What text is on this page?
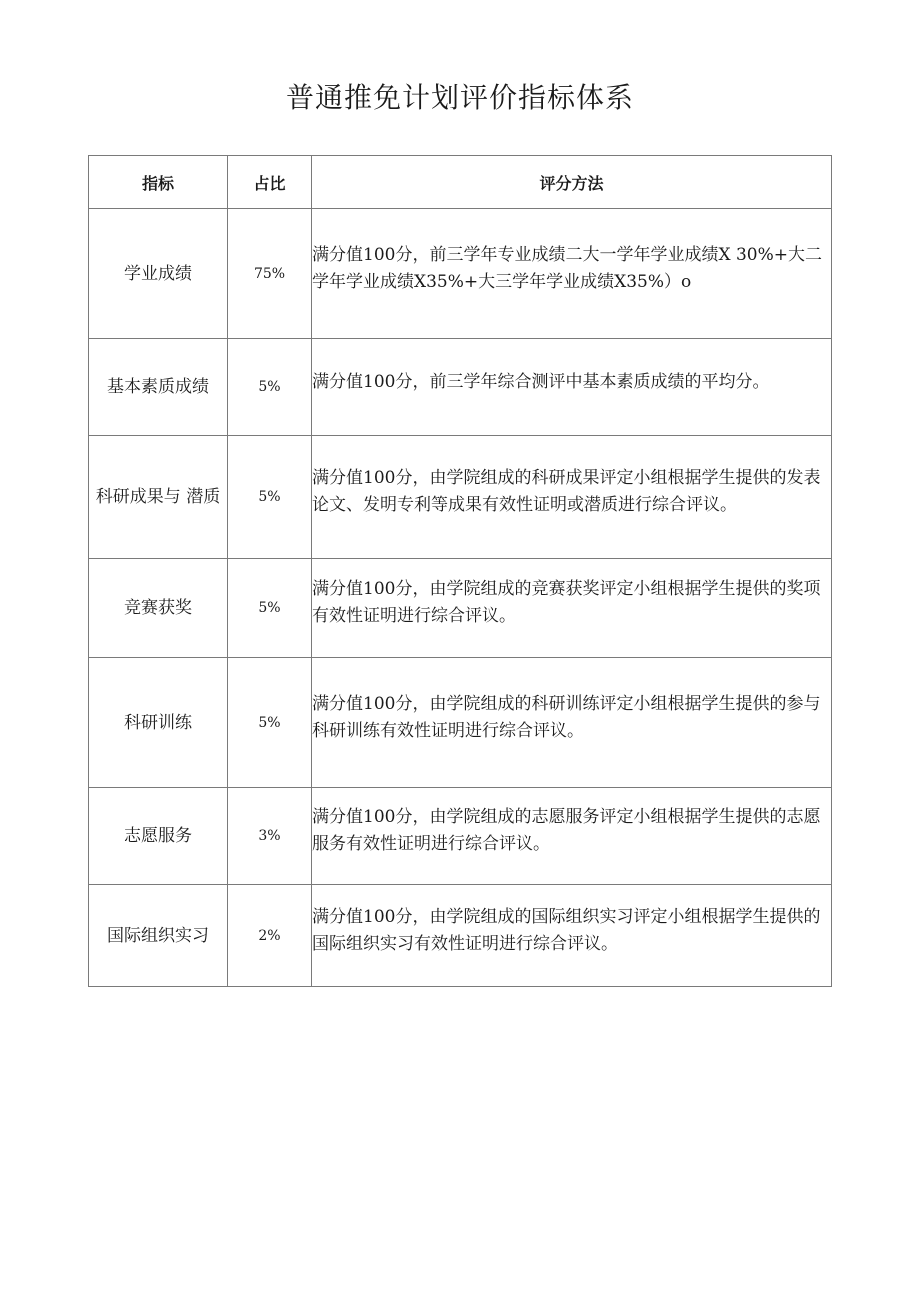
普通推免计划评价指标体系
指标	占比	评分方法
学业成绩	75%	满分值100分，前三学年专业成绩二大一学年学业成绩X 30%+大二学年学业成绩X35%+大三学年学业成绩X35%）o

基本素质成绩	5%	满分值100分，前三学年综合测评中基本素质成绩的平均分。

科研成果与 潜质	5%	满分值100分，由学院组成的科研成果评定小组根据学生提供的发表论文、发明专利等成果有效性证明或潜质进行综合评议。

竞赛获奖	5%	满分值100分，由学院组成的竞赛获奖评定小组根据学生提供的奖项有效性证明进行综合评议。

科研训练	5%	满分值100分，由学院组成的科研训练评定小组根据学生提供的参与科研训练有效性证明进行综合评议。

志愿服务	3%	满分值100分，由学院组成的志愿服务评定小组根据学生提供的志愿服务有效性证明进行综合评议。

国际组织实习	2%	满分值100分，由学院组成的国际组织实习评定小组根据学生提供的国际组织实习有效性证明进行综合评议。
